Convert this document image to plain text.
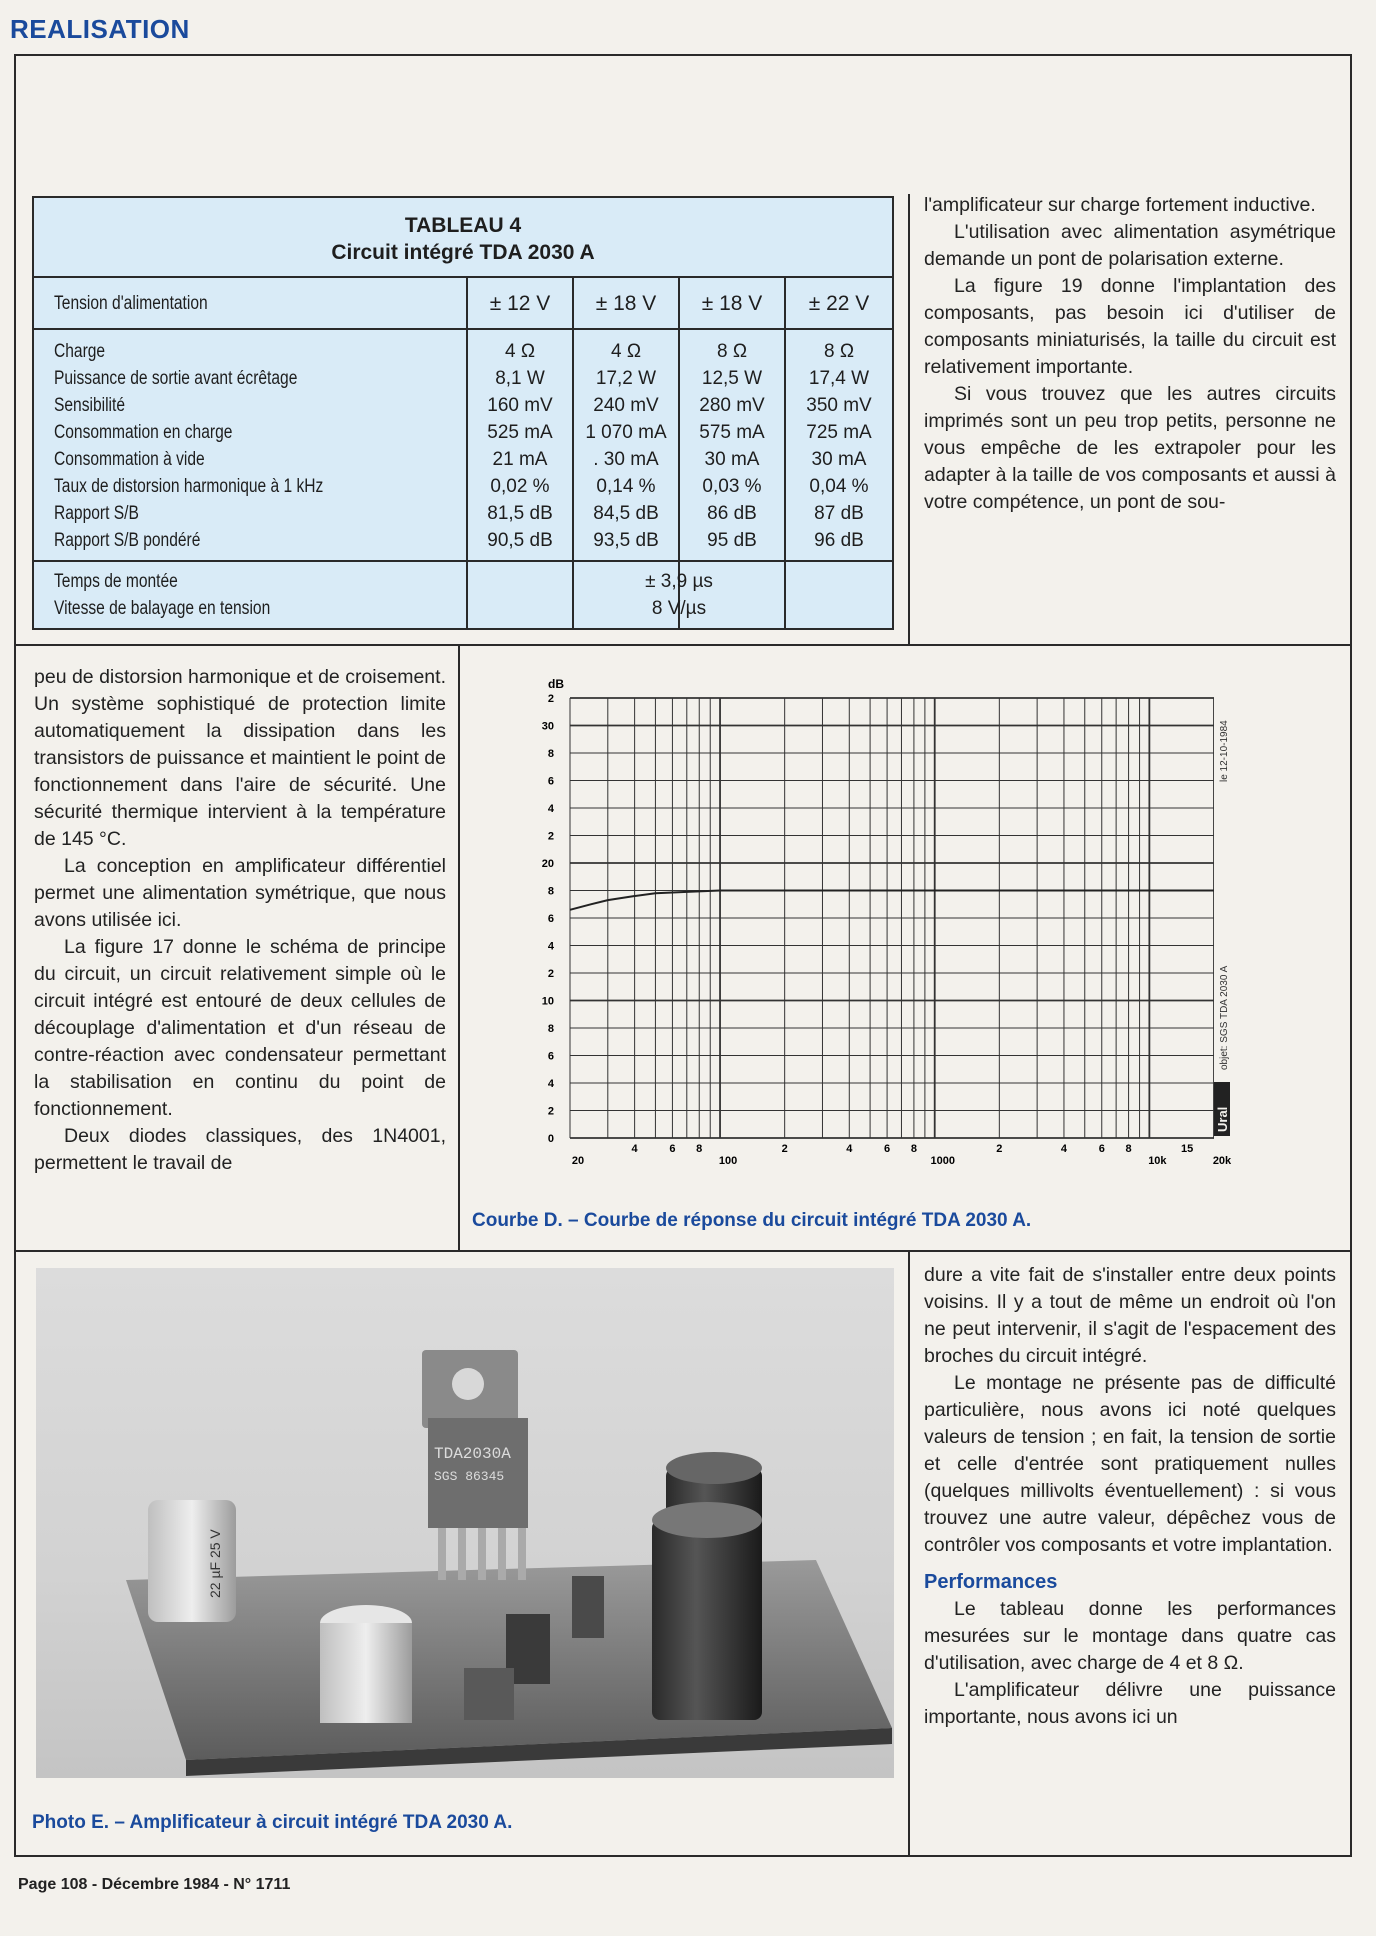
REALISATION
TABLEAU 4
Circuit intégré TDA 2030 A
Tension d'alimentation	± 12 V	± 18 V	± 18 V	± 22 V
Charge	4 Ω	4 Ω	8 Ω	8 Ω
Puissance de sortie avant écrêtage	8,1 W	17,2 W	12,5 W	17,4 W
Sensibilité	160 mV	240 mV	280 mV	350 mV
Consommation en charge	525 mA	1 070 mA	575 mA	725 mA
Consommation à vide	21 mA	. 30 mA	30 mA	30 mA
Taux de distorsion harmonique à 1 kHz	0,02 %	0,14 %	0,03 %	0,04 %
Rapport S/B	81,5 dB	84,5 dB	86 dB	87 dB
Rapport S/B pondéré	90,5 dB	93,5 dB	95 dB	96 dB
Temps de montée	± 3,9 µs
Vitesse de balayage en tension	8 V/µs

l'amplificateur sur charge fortement inductive.

L'utilisation avec alimentation asymétrique demande un pont de polarisation externe.

La figure 19 donne l'implantation des composants, pas besoin ici d'utiliser de composants miniaturisés, la taille du circuit est relativement importante.

Si vous trouvez que les autres circuits imprimés sont un peu trop petits, personne ne vous empêche de les extrapoler pour les adapter à la taille de vos composants et aussi à votre compétence, un pont de sou-

peu de distorsion harmonique et de croisement. Un système sophistiqué de protection limite automatiquement la dissipation dans les transistors de puissance et maintient le point de fonctionnement dans l'aire de sécurité. Une sécurité thermique intervient à la température de 145 °C.

La conception en amplificateur différentiel permet une alimentation symétrique, que nous avons utilisée ici.

La figure 17 donne le schéma de principe du circuit, un circuit relativement simple où le circuit intégré est entouré de deux cellules de découplage d'alimentation et d'un réseau de contre-réaction avec condensateur permettant la stabilisation en continu du point de fonctionnement.

Deux diodes classiques, des 1N4001, permettent le travail de

2
30
8
6
4
2
20
8
6
4
2
10
8
6
4
2
0
20
4	6 8
100
2	4	6 8
1000
2	4	6 8
10k
15
20k
dB
le 12-10-1984
objet: SGS TDA 2030 A
Ural
Courbe D. – Courbe de réponse du circuit intégré TDA 2030 A.
TDA2030A
SGS 86345
22 µF 25 V
Photo E. – Amplificateur à circuit intégré TDA 2030 A.

dure a vite fait de s'installer entre deux points voisins. Il y a tout de même un endroit où l'on ne peut intervenir, il s'agit de l'espacement des broches du circuit intégré.

Le montage ne présente pas de difficulté particulière, nous avons ici noté quelques valeurs de tension ; en fait, la tension de sortie et celle d'entrée sont pratiquement nulles (quelques millivolts éventuellement) : si vous trouvez une autre valeur, dépêchez vous de contrôler vos composants et votre implantation.

Performances

Le tableau donne les performances mesurées sur le montage dans quatre cas d'utilisation, avec charge de 4 et 8 Ω.

L'amplificateur délivre une puissance importante, nous avons ici un

Page 108 - Décembre 1984 - N° 1711
